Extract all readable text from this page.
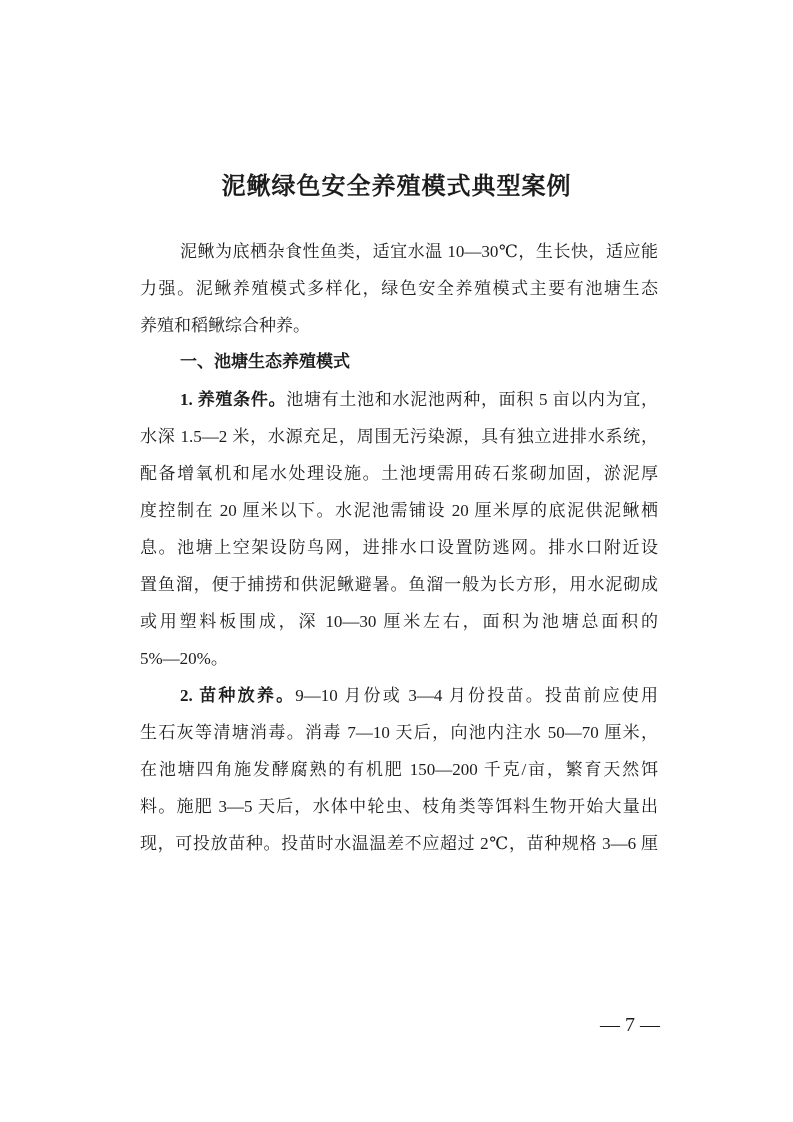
泥鳅绿色安全养殖模式典型案例
泥鳅为底栖杂食性鱼类，适宜水温 10—30℃，生长快，适应能
力强。泥鳅养殖模式多样化，绿色安全养殖模式主要有池塘生态
养殖和稻鳅综合种养。
一、池塘生态养殖模式
1. 养殖条件。池塘有土池和水泥池两种，面积 5 亩以内为宜，
水深 1.5—2 米，水源充足，周围无污染源，具有独立进排水系统，
配备增氧机和尾水处理设施。土池埂需用砖石浆砌加固，淤泥厚
度控制在 20 厘米以下。水泥池需铺设 20 厘米厚的底泥供泥鳅栖
息。池塘上空架设防鸟网，进排水口设置防逃网。排水口附近设
置鱼溜，便于捕捞和供泥鳅避暑。鱼溜一般为长方形，用水泥砌成
或用塑料板围成，深 10—30 厘米左右，面积为池塘总面积的
5%—20%。
2. 苗种放养。9—10 月份或 3—4 月份投苗。投苗前应使用
生石灰等清塘消毒。消毒 7—10 天后，向池内注水 50—70 厘米，
在池塘四角施发酵腐熟的有机肥 150—200 千克/亩，繁育天然饵
料。施肥 3—5 天后，水体中轮虫、枝角类等饵料生物开始大量出
现，可投放苗种。投苗时水温温差不应超过 2℃，苗种规格 3—6 厘
— 7 —
